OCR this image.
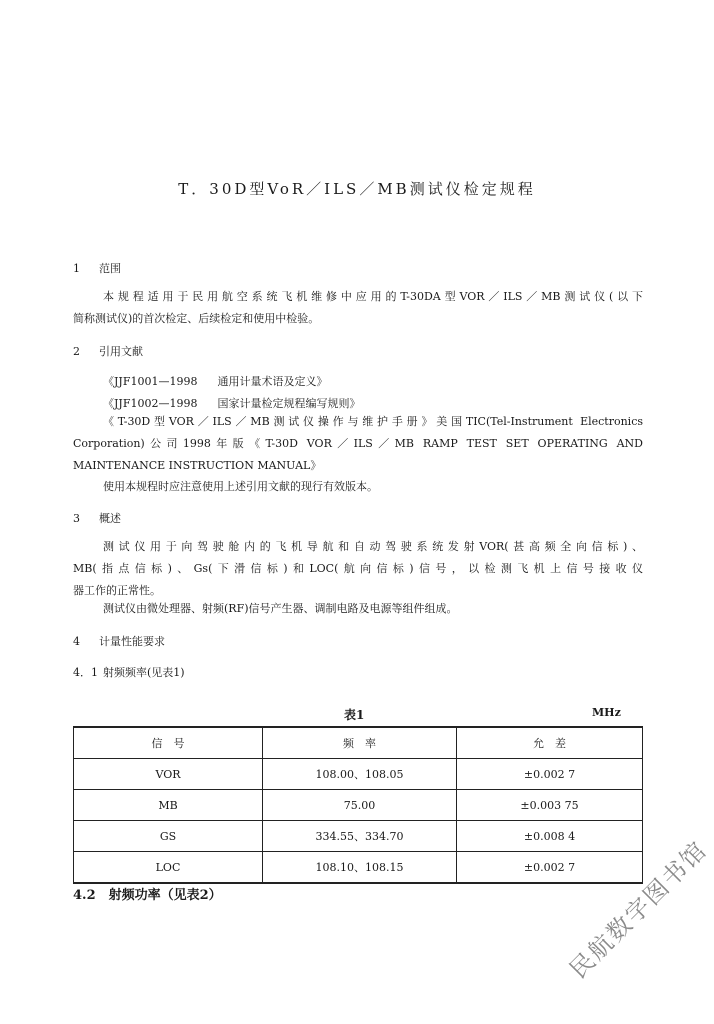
T．30D型VoR／ILS／MB测试仪检定规程
1 范围
本规程适用于民用航空系统飞机维修中应用的T-30DA型VOR／ILS／MB测试仪(以下
简称测试仪)的首次检定、后续检定和使用中检验。
2 引用文献
《JJF1001—1998 通用计量术语及定义》
《JJF1002—1998 国家计量检定规程编写规则》
《T-30D型VOR／ILS／MB测试仪操作与维护手册》美国TIC(Tel-Instrument Electronics
Corporation)公司1998年版《T-30D VOR／ILS／MB RAMP TEST SET OPERATING AND
MAINTENANCE INSTRUCTION MANUAL》
使用本规程时应注意使用上述引用文献的现行有效版本。
3 概述
测试仪用于向驾驶舱内的飞机导航和自动驾驶系统发射VOR(甚高频全向信标)、
MB(指点信标)、Gs(下滑信标)和LOC(航向信标)信号，以检测飞机上信号接收仪
器工作的正常性。
测试仪由微处理器、射频(RF)信号产生器、调制电路及电源等组件组成。
4 计量性能要求
4．1 射频频率(见表1)
表1	MHz
信　号	频　率	允　差
VOR	108.00、108.05	±0.002 7
MB	75.00	±0.003 75
GS	334.55、334.70	±0.008 4
LOC	108.10、108.15	±0.002 7
4.2　 射频功率（见表2）	民航数字图书馆
